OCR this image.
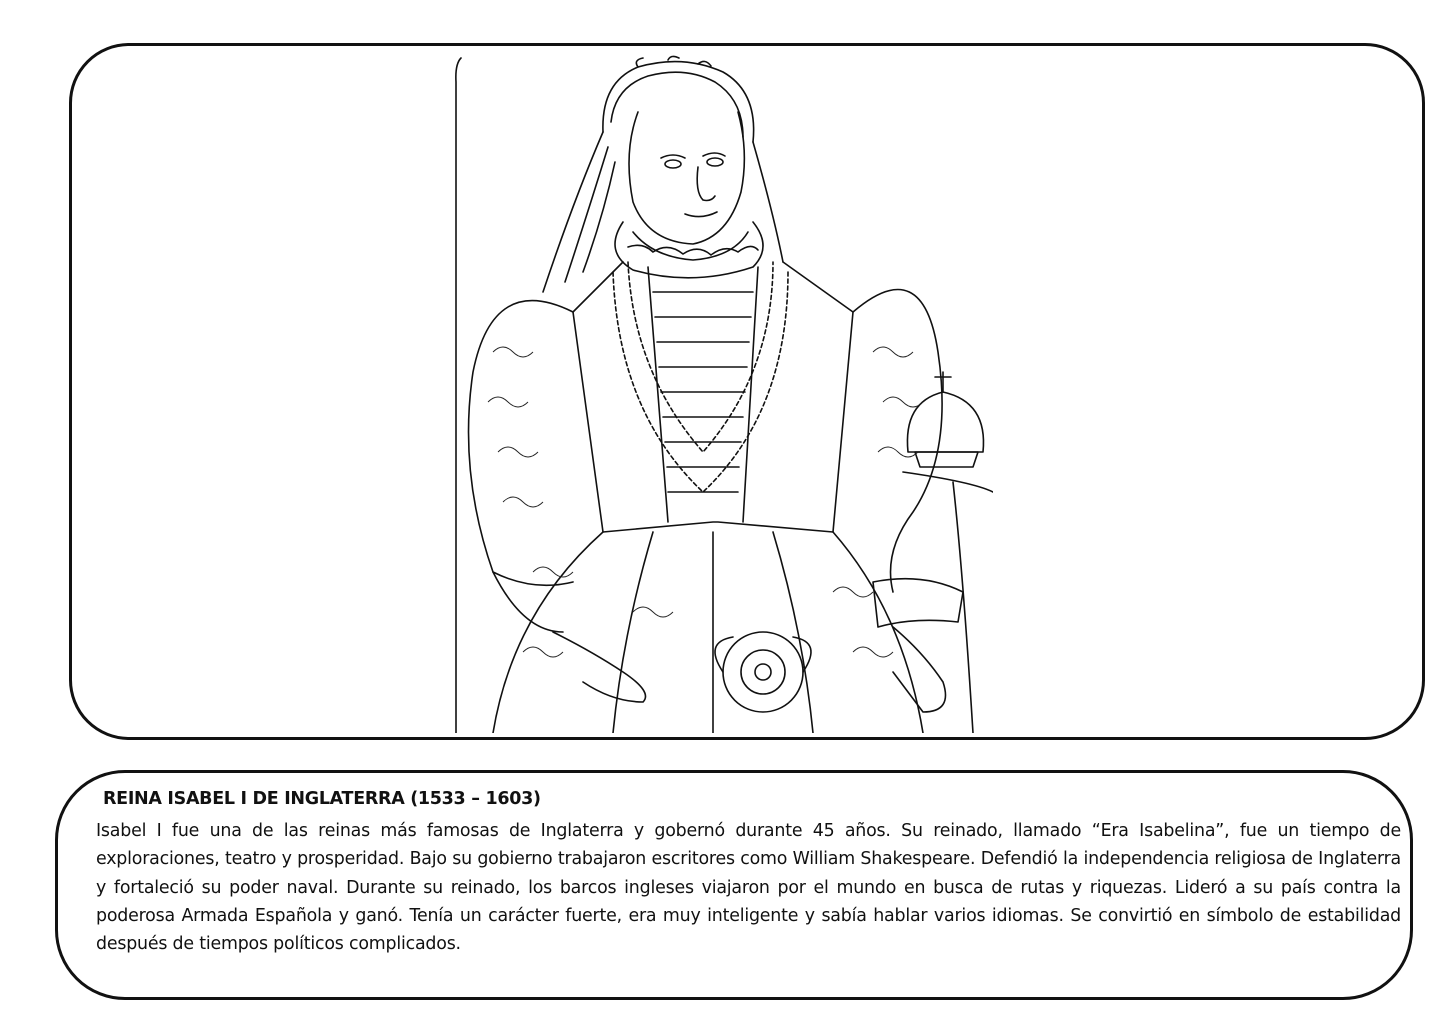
REINA ISABEL I DE INGLATERRA (1533 – 1603)
Isabel I fue una de las reinas más famosas de Inglaterra y gobernó durante 45 años. Su reinado, llamado “Era Isabelina”, fue un tiempo de exploraciones, teatro y prosperidad. Bajo su gobierno trabajaron escritores como William Shakespeare. Defendió la independencia religiosa de Inglaterra y fortaleció su poder naval. Durante su reinado, los barcos ingleses viajaron por el mundo en busca de rutas y riquezas. Lideró a su país contra la poderosa Armada Española y ganó. Tenía un carácter fuerte, era muy inteligente y sabía hablar varios idiomas. Se convirtió en símbolo de estabilidad después de tiempos políticos complicados.
